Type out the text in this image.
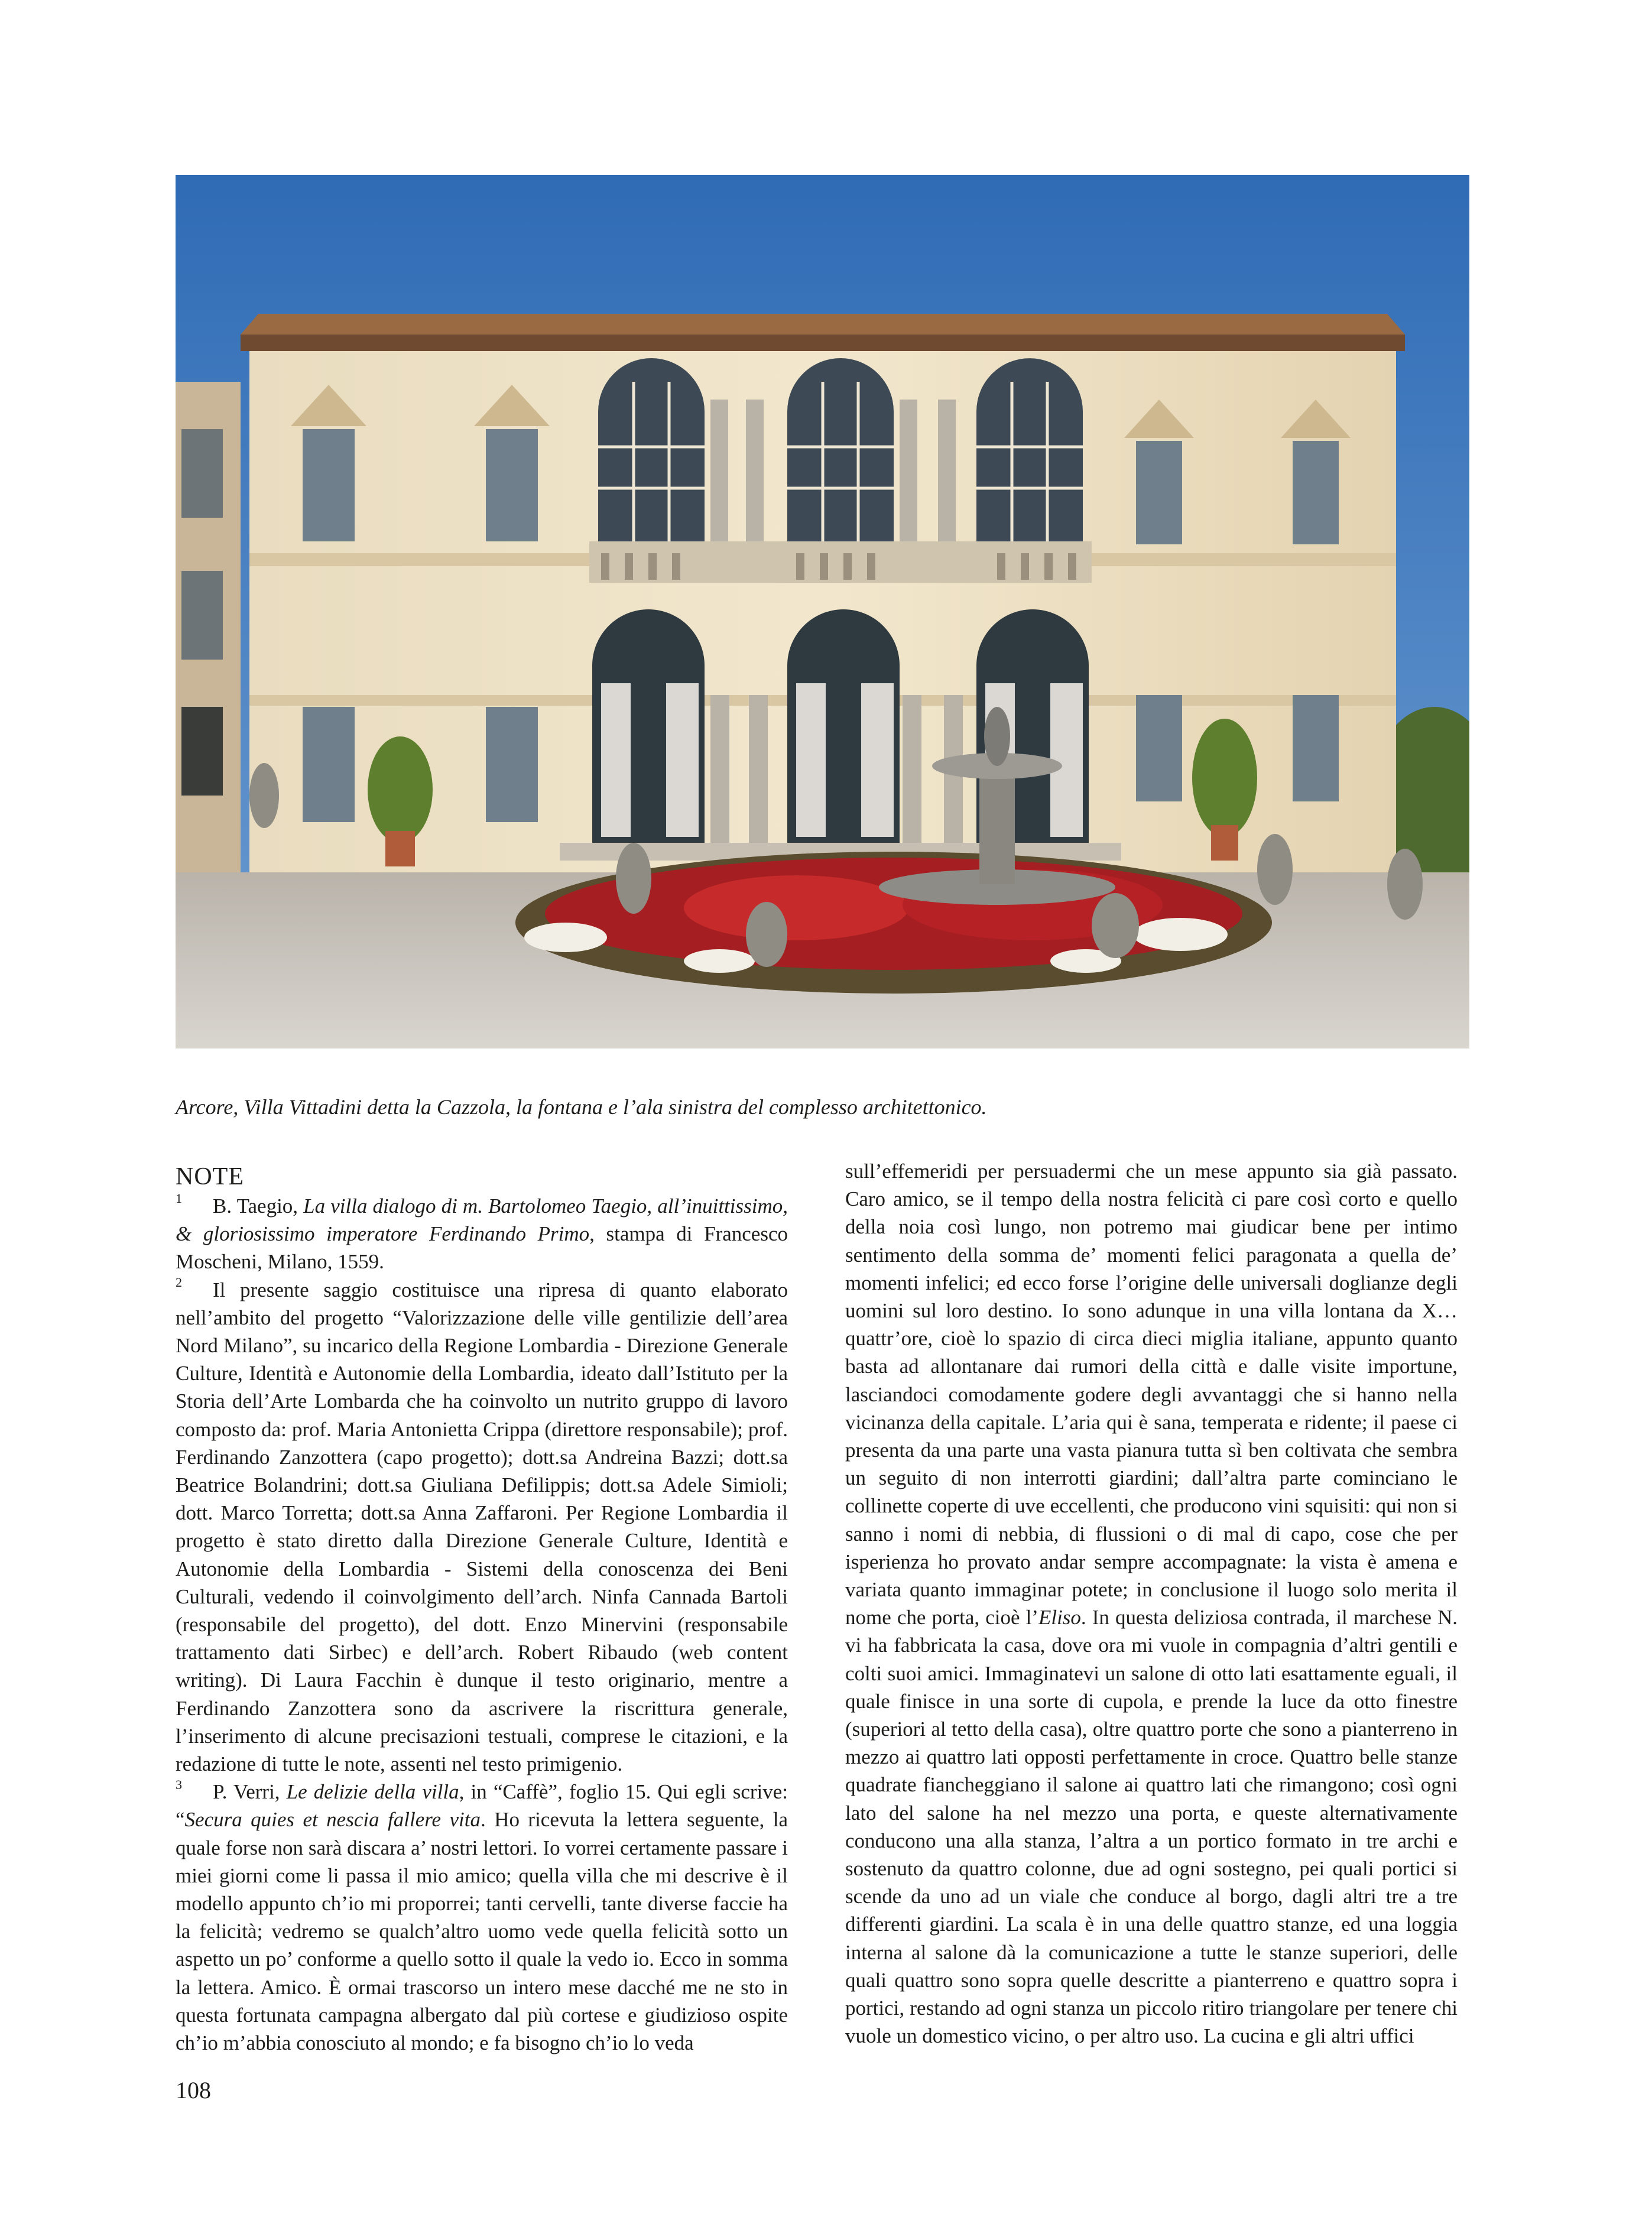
Arcore, Villa Vittadini detta la Cazzola, la fontana e l’ala sinistra del complesso architettonico.

NOTE

$^1$ B. Taegio, La villa dialogo di m. Bartolomeo Taegio, all’inuittissimo, & gloriosissimo imperatore Ferdinando Primo, stampa di Francesco Moscheni, Milano, 1559.

$^2$ Il presente saggio costituisce una ripresa di quanto elaborato nell’ambito del progetto “Valorizzazione delle ville gentilizie dell’area Nord Milano”, su incarico della Regione Lombardia - Direzione Generale Culture, Identità e Autonomie della Lombardia, ideato dall’Istituto per la Storia dell’Arte Lombarda che ha coinvolto un nutrito gruppo di lavoro composto da: prof. Maria Antonietta Crippa (direttore responsabile); prof. Ferdinando Zanzottera (capo progetto); dott.sa Andreina Bazzi; dott.sa Beatrice Bolandrini; dott.sa Giuliana Defilippis; dott.sa Adele Simioli; dott. Marco Torretta; dott.sa Anna Zaffaroni. Per Regione Lombardia il progetto è stato diretto dalla Direzione Generale Culture, Identità e Autonomie della Lombardia - Sistemi della conoscenza dei Beni Culturali, vedendo il coinvolgimento dell’arch. Ninfa Cannada Bartoli (responsabile del progetto), del dott. Enzo Minervini (responsabile trattamento dati Sirbec) e dell’arch. Robert Ribaudo (web content writing). Di Laura Facchin è dunque il testo originario, mentre a Ferdinando Zanzottera sono da ascrivere la riscrittura generale, l’inserimento di alcune precisazioni testuali, comprese le citazioni, e la redazione di tutte le note, assenti nel testo primigenio.

$^3$ P. Verri, Le delizie della villa, in “Caffè”, foglio 15. Qui egli scrive: “Secura quies et nescia fallere vita. Ho ricevuta la lettera seguente, la quale forse non sarà discara a’ nostri lettori. Io vorrei certamente passare i miei giorni come li passa il mio amico; quella villa che mi descrive è il modello appunto ch’io mi proporrei; tanti cervelli, tante diverse faccie ha la felicità; vedremo se qualch’altro uomo vede quella felicità sotto un aspetto un po’ conforme a quello sotto il quale la vedo io. Ecco in somma la lettera. Amico. È ormai trascorso un intero mese dacché me ne sto in questa fortunata campagna albergato dal più cortese e giudizioso ospite ch’io m’abbia conosciuto al mondo; e fa bisogno ch’io lo veda

sull’effemeridi per persuadermi che un mese appunto sia già passato. Caro amico, se il tempo della nostra felicità ci pare così corto e quello della noia così lungo, non potremo mai giudicar bene per intimo sentimento della somma de’ momenti felici paragonata a quella de’ momenti infelici; ed ecco forse l’origine delle universali doglianze degli uomini sul loro destino. Io sono adunque in una villa lontana da X… quattr’ore, cioè lo spazio di circa dieci miglia italiane, appunto quanto basta ad allontanare dai rumori della città e dalle visite importune, lasciandoci comodamente godere degli avvantaggi che si hanno nella vicinanza della capitale. L’aria qui è sana, temperata e ridente; il paese ci presenta da una parte una vasta pianura tutta sì ben coltivata che sembra un seguito di non interrotti giardini; dall’altra parte cominciano le collinette coperte di uve eccellenti, che producono vini squisiti: qui non si sanno i nomi di nebbia, di flussioni o di mal di capo, cose che per isperienza ho provato andar sempre accompagnate: la vista è amena e variata quanto immaginar potete; in conclusione il luogo solo merita il nome che porta, cioè l’Eliso. In questa deliziosa contrada, il marchese N. vi ha fabbricata la casa, dove ora mi vuole in compagnia d’altri gentili e colti suoi amici. Immaginatevi un salone di otto lati esattamente eguali, il quale finisce in una sorte di cupola, e prende la luce da otto finestre (superiori al tetto della casa), oltre quattro porte che sono a pianterreno in mezzo ai quattro lati opposti perfettamente in croce. Quattro belle stanze quadrate fiancheggiano il salone ai quattro lati che rimangono; così ogni lato del salone ha nel mezzo una porta, e queste alternativamente conducono una alla stanza, l’altra a un portico formato in tre archi e sostenuto da quattro colonne, due ad ogni sostegno, pei quali portici si scende da uno ad un viale che conduce al borgo, dagli altri tre a tre differenti giardini. La scala è in una delle quattro stanze, ed una loggia interna al salone dà la comunicazione a tutte le stanze superiori, delle quali quattro sono sopra quelle descritte a pianterreno e quattro sopra i portici, restando ad ogni stanza un piccolo ritiro triangolare per tenere chi vuole un domestico vicino, o per altro uso. La cucina e gli altri uffici

108
